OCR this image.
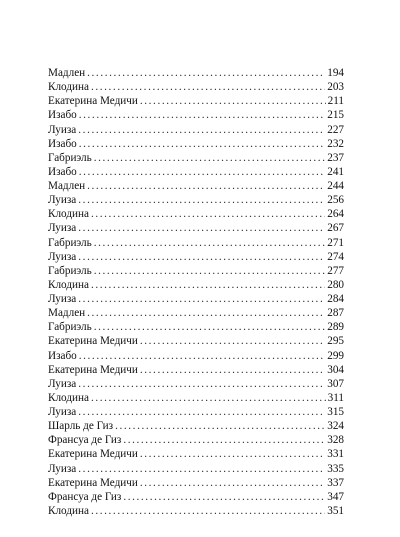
Мадлен . . .	194
Клодина . . .	203
Екатерина Медичи . . .	211
Изабо . . .	215
Луиза . . .	227
Изабо . . .	232
Габриэль . . .	237
Изабо . . .	241
Мадлен . . .	244
Луиза . . .	256
Клодина . . .	264
Луиза . . .	267
Габриэль . . .	271
Луиза . . .	274
Габриэль . . .	277
Клодина . . .	280
Луиза . . .	284
Мадлен . . .	287
Габриэль . . .	289
Екатерина Медичи . . .	295
Изабо . . .	299
Екатерина Медичи . . .	304
Луиза . . .	307
Клодина . . .	311
Луиза . . .	315
Шарль де Гиз . . .	324
Франсуа де Гиз . . .	328
Екатерина Медичи . . .	331
Луиза . . .	335
Екатерина Медичи . . .	337
Франсуа де Гиз . . .	347
Клодина . . .	351
